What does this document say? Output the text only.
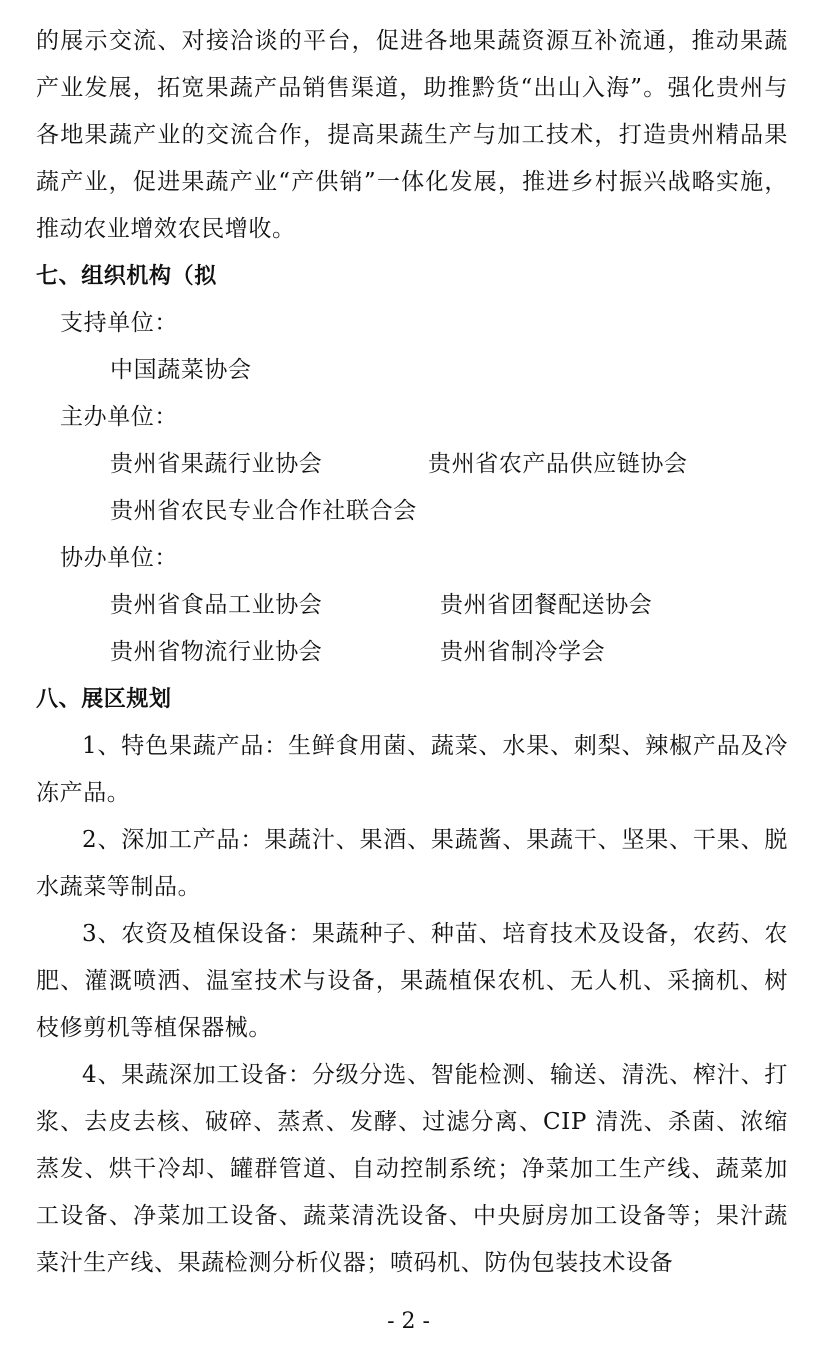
的展示交流、对接洽谈的平台，促进各地果蔬资源互补流通，推动果蔬产业发展，拓宽果蔬产品销售渠道，助推黔货“出山入海”。强化贵州与各地果蔬产业的交流合作，提高果蔬生产与加工技术，打造贵州精品果蔬产业，促进果蔬产业“产供销”一体化发展，推进乡村振兴战略实施，推动农业增效农民增收。

七、组织机构（拟

支持单位：

中国蔬菜协会

主办单位：

贵州省果蔬行业协会	贵州省农产品供应链协会

贵州省农民专业合作社联合会

协办单位：

贵州省食品工业协会	贵州省团餐配送协会

贵州省物流行业协会	贵州省制冷学会

八、展区规划

1、特色果蔬产品：生鲜食用菌、蔬菜、水果、刺梨、辣椒产品及冷冻产品。

2、深加工产品：果蔬汁、果酒、果蔬酱、果蔬干、坚果、干果、脱水蔬菜等制品。

3、农资及植保设备：果蔬种子、种苗、培育技术及设备，农药、农肥、灌溉喷洒、温室技术与设备，果蔬植保农机、无人机、采摘机、树枝修剪机等植保器械。

4、果蔬深加工设备：分级分选、智能检测、输送、清洗、榨汁、打浆、去皮去核、破碎、蒸煮、发酵、过滤分离、CIP 清洗、杀菌、浓缩蒸发、烘干冷却、罐群管道、自动控制系统；净菜加工生产线、蔬菜加工设备、净菜加工设备、蔬菜清洗设备、中央厨房加工设备等；果汁蔬菜汁生产线、果蔬检测分析仪器；喷码机、防伪包装技术设备

- 2 -
